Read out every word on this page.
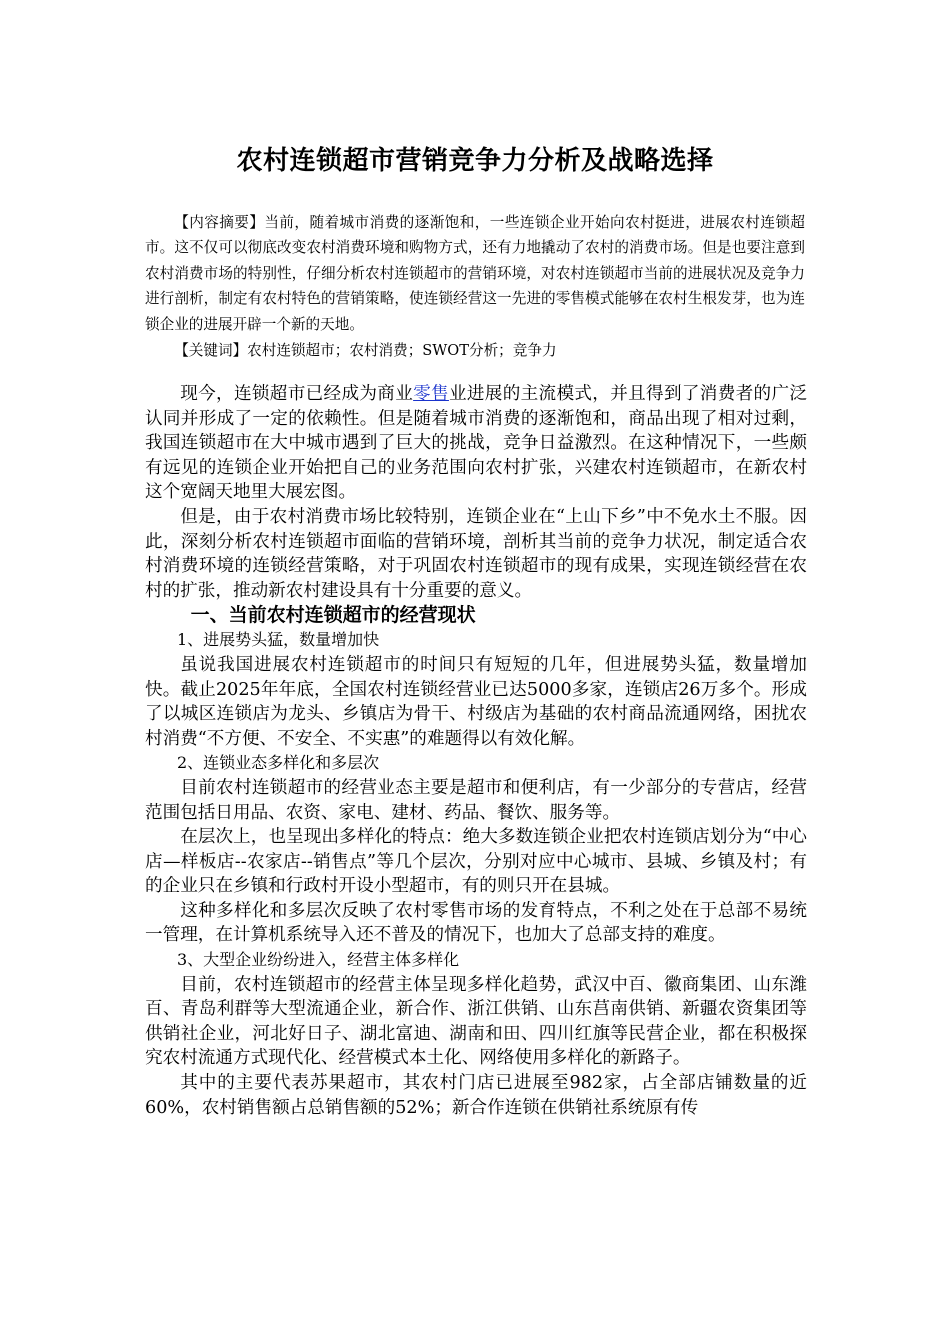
农村连锁超市营销竞争力分析及战略选择

【内容摘要】当前，随着城市消费的逐渐饱和，一些连锁企业开始向农村挺进，进展农村连锁超市。这不仅可以彻底改变农村消费环境和购物方式，还有力地撬动了农村的消费市场。但是也要注意到农村消费市场的特别性，仔细分析农村连锁超市的营销环境，对农村连锁超市当前的进展状况及竞争力进行剖析，制定有农村特色的营销策略，使连锁经营这一先进的零售模式能够在农村生根发芽，也为连锁企业的进展开辟一个新的天地。

【关键词】农村连锁超市；农村消费；SWOT分析；竞争力

现今，连锁超市已经成为商业零售业进展的主流模式，并且得到了消费者的广泛认同并形成了一定的依赖性。但是随着城市消费的逐渐饱和，商品出现了相对过剩，我国连锁超市在大中城市遇到了巨大的挑战，竞争日益激烈。在这种情况下，一些颇有远见的连锁企业开始把自己的业务范围向农村扩张，兴建农村连锁超市，在新农村这个宽阔天地里大展宏图。

但是，由于农村消费市场比较特别，连锁企业在“上山下乡”中不免水土不服。因此，深刻分析农村连锁超市面临的营销环境，剖析其当前的竞争力状况，制定适合农村消费环境的连锁经营策略，对于巩固农村连锁超市的现有成果，实现连锁经营在农村的扩张，推动新农村建设具有十分重要的意义。

一、当前农村连锁超市的经营现状

1、进展势头猛，数量增加快

虽说我国进展农村连锁超市的时间只有短短的几年，但进展势头猛，数量增加快。截止2025年年底，全国农村连锁经营业已达5000多家，连锁店26万多个。形成了以城区连锁店为龙头、乡镇店为骨干、村级店为基础的农村商品流通网络，困扰农村消费“不方便、不安全、不实惠”的难题得以有效化解。

2、连锁业态多样化和多层次

目前农村连锁超市的经营业态主要是超市和便利店，有一少部分的专营店，经营范围包括日用品、农资、家电、建材、药品、餐饮、服务等。

在层次上，也呈现出多样化的特点：绝大多数连锁企业把农村连锁店划分为“中心店—样板店--农家店--销售点”等几个层次，分别对应中心城市、县城、乡镇及村；有的企业只在乡镇和行政村开设小型超市，有的则只开在县城。

这种多样化和多层次反映了农村零售市场的发育特点，不利之处在于总部不易统一管理，在计算机系统导入还不普及的情况下，也加大了总部支持的难度。

3、大型企业纷纷进入，经营主体多样化

目前，农村连锁超市的经营主体呈现多样化趋势，武汉中百、徽商集团、山东潍百、青岛利群等大型流通企业，新合作、浙江供销、山东莒南供销、新疆农资集团等供销社企业，河北好日子、湖北富迪、湖南和田、四川红旗等民营企业，都在积极探究农村流通方式现代化、经营模式本土化、网络使用多样化的新路子。

其中的主要代表苏果超市，其农村门店已进展至982家，占全部店铺数量的近60%，农村销售额占总销售额的52%；新合作连锁在供销社系统原有传
